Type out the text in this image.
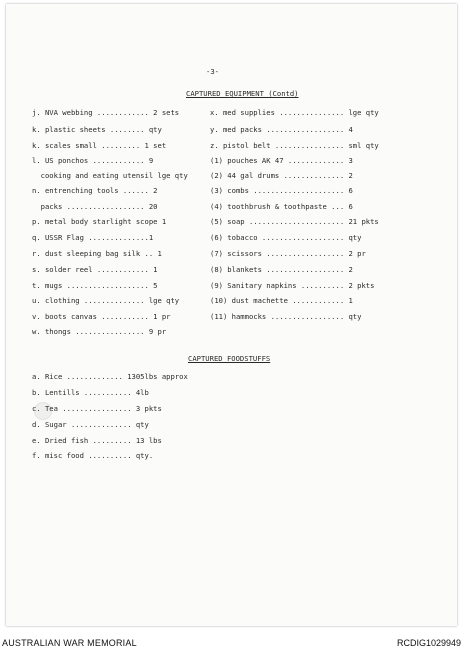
-3-
CAPTURED EQUIPMENT (Contd)
j. NVA webbing ............ 2 sets
k. plastic sheets ........ qty
k. scales small ......... 1 set
l. US ponchos ............ 9
cooking and eating utensil lge qty
n. entrenching tools ...... 2
packs .................. 20
p. metal body starlight scope 1
q. USSR Flag ..............1
r. dust sleeping bag silk .. 1
s. solder reel ............ 1
t. mugs ................... 5
u. clothing .............. lge qty
v. boots canvas ........... 1 pr
w. thongs ................ 9 pr
x. med supplies ............... lge qty
y. med packs .................. 4
z. pistol belt ................ sml qty
(1) pouches AK 47 ............. 3
(2) 44 gal drums .............. 2
(3) combs ..................... 6
(4) toothbrush & toothpaste ... 6
(5) soap ...................... 21 pkts
(6) tobacco ................... qty
(7) scissors .................. 2 pr
(8) blankets .................. 2
(9) Sanitary napkins .......... 2 pkts
(10) dust machette ............ 1
(11) hammocks ................. qty
CAPTURED FOODSTUFFS
a. Rice ............. 1305lbs approx
b. Lentills ........... 4lb
c. Tea ................ 3 pkts
d. Sugar .............. qty
e. Dried fish ......... 13 lbs
f. misc food .......... qty.
AUSTRALIAN WAR MEMORIAL	RCDIG1029949
